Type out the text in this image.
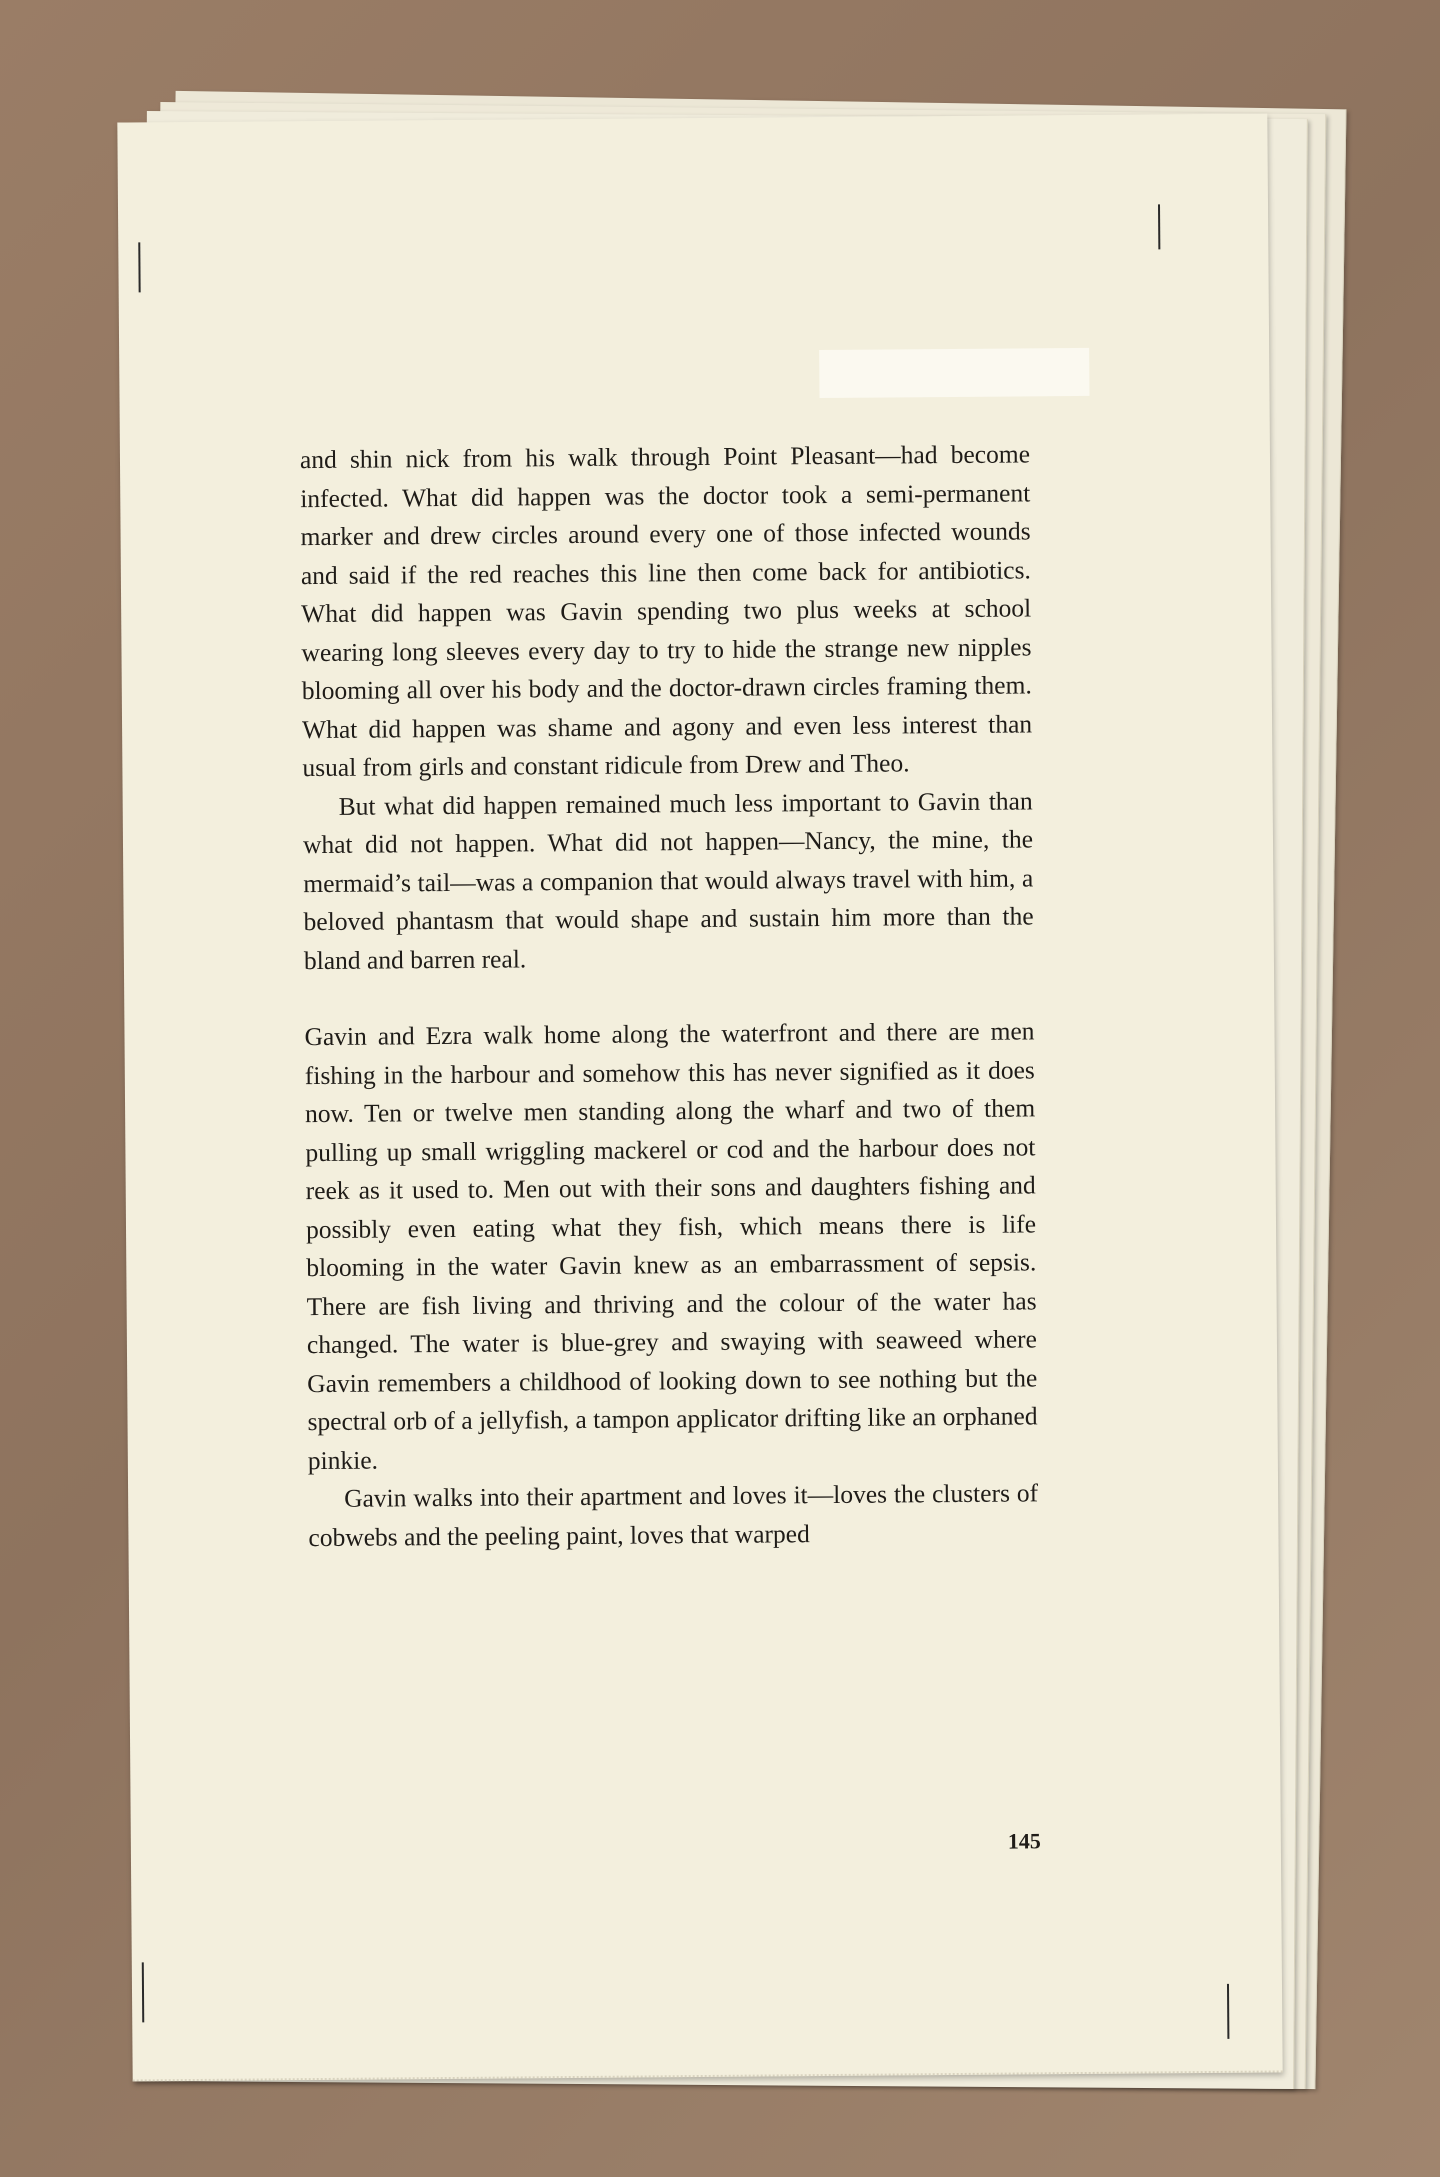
and shin nick from his walk through Point Pleasant—had become infected. What did happen was the doctor took a semi-permanent marker and drew circles around every one of those infected wounds and said if the red reaches this line then come back for antibiotics. What did happen was Gavin spending two plus weeks at school wearing long sleeves every day to try to hide the strange new nipples blooming all over his body and the doctor-drawn circles framing them. What did happen was shame and agony and even less interest than usual from girls and constant ridicule from Drew and Theo.

But what did happen remained much less important to Gavin than what did not happen. What did not happen—Nancy, the mine, the mermaid’s tail—was a companion that would always travel with him, a beloved phantasm that would shape and sustain him more than the bland and barren real.

Gavin and Ezra walk home along the waterfront and there are men fishing in the harbour and somehow this has never signified as it does now. Ten or twelve men standing along the wharf and two of them pulling up small wriggling mackerel or cod and the harbour does not reek as it used to. Men out with their sons and daughters fishing and possibly even eating what they fish, which means there is life blooming in the water Gavin knew as an embarrassment of sepsis. There are fish living and thriving and the colour of the water has changed. The water is blue-grey and swaying with seaweed where Gavin remembers a childhood of looking down to see nothing but the spectral orb of a jellyfish, a tampon applicator drifting like an orphaned pinkie.

Gavin walks into their apartment and loves it—loves the clusters of cobwebs and the peeling paint, loves that warped

145
